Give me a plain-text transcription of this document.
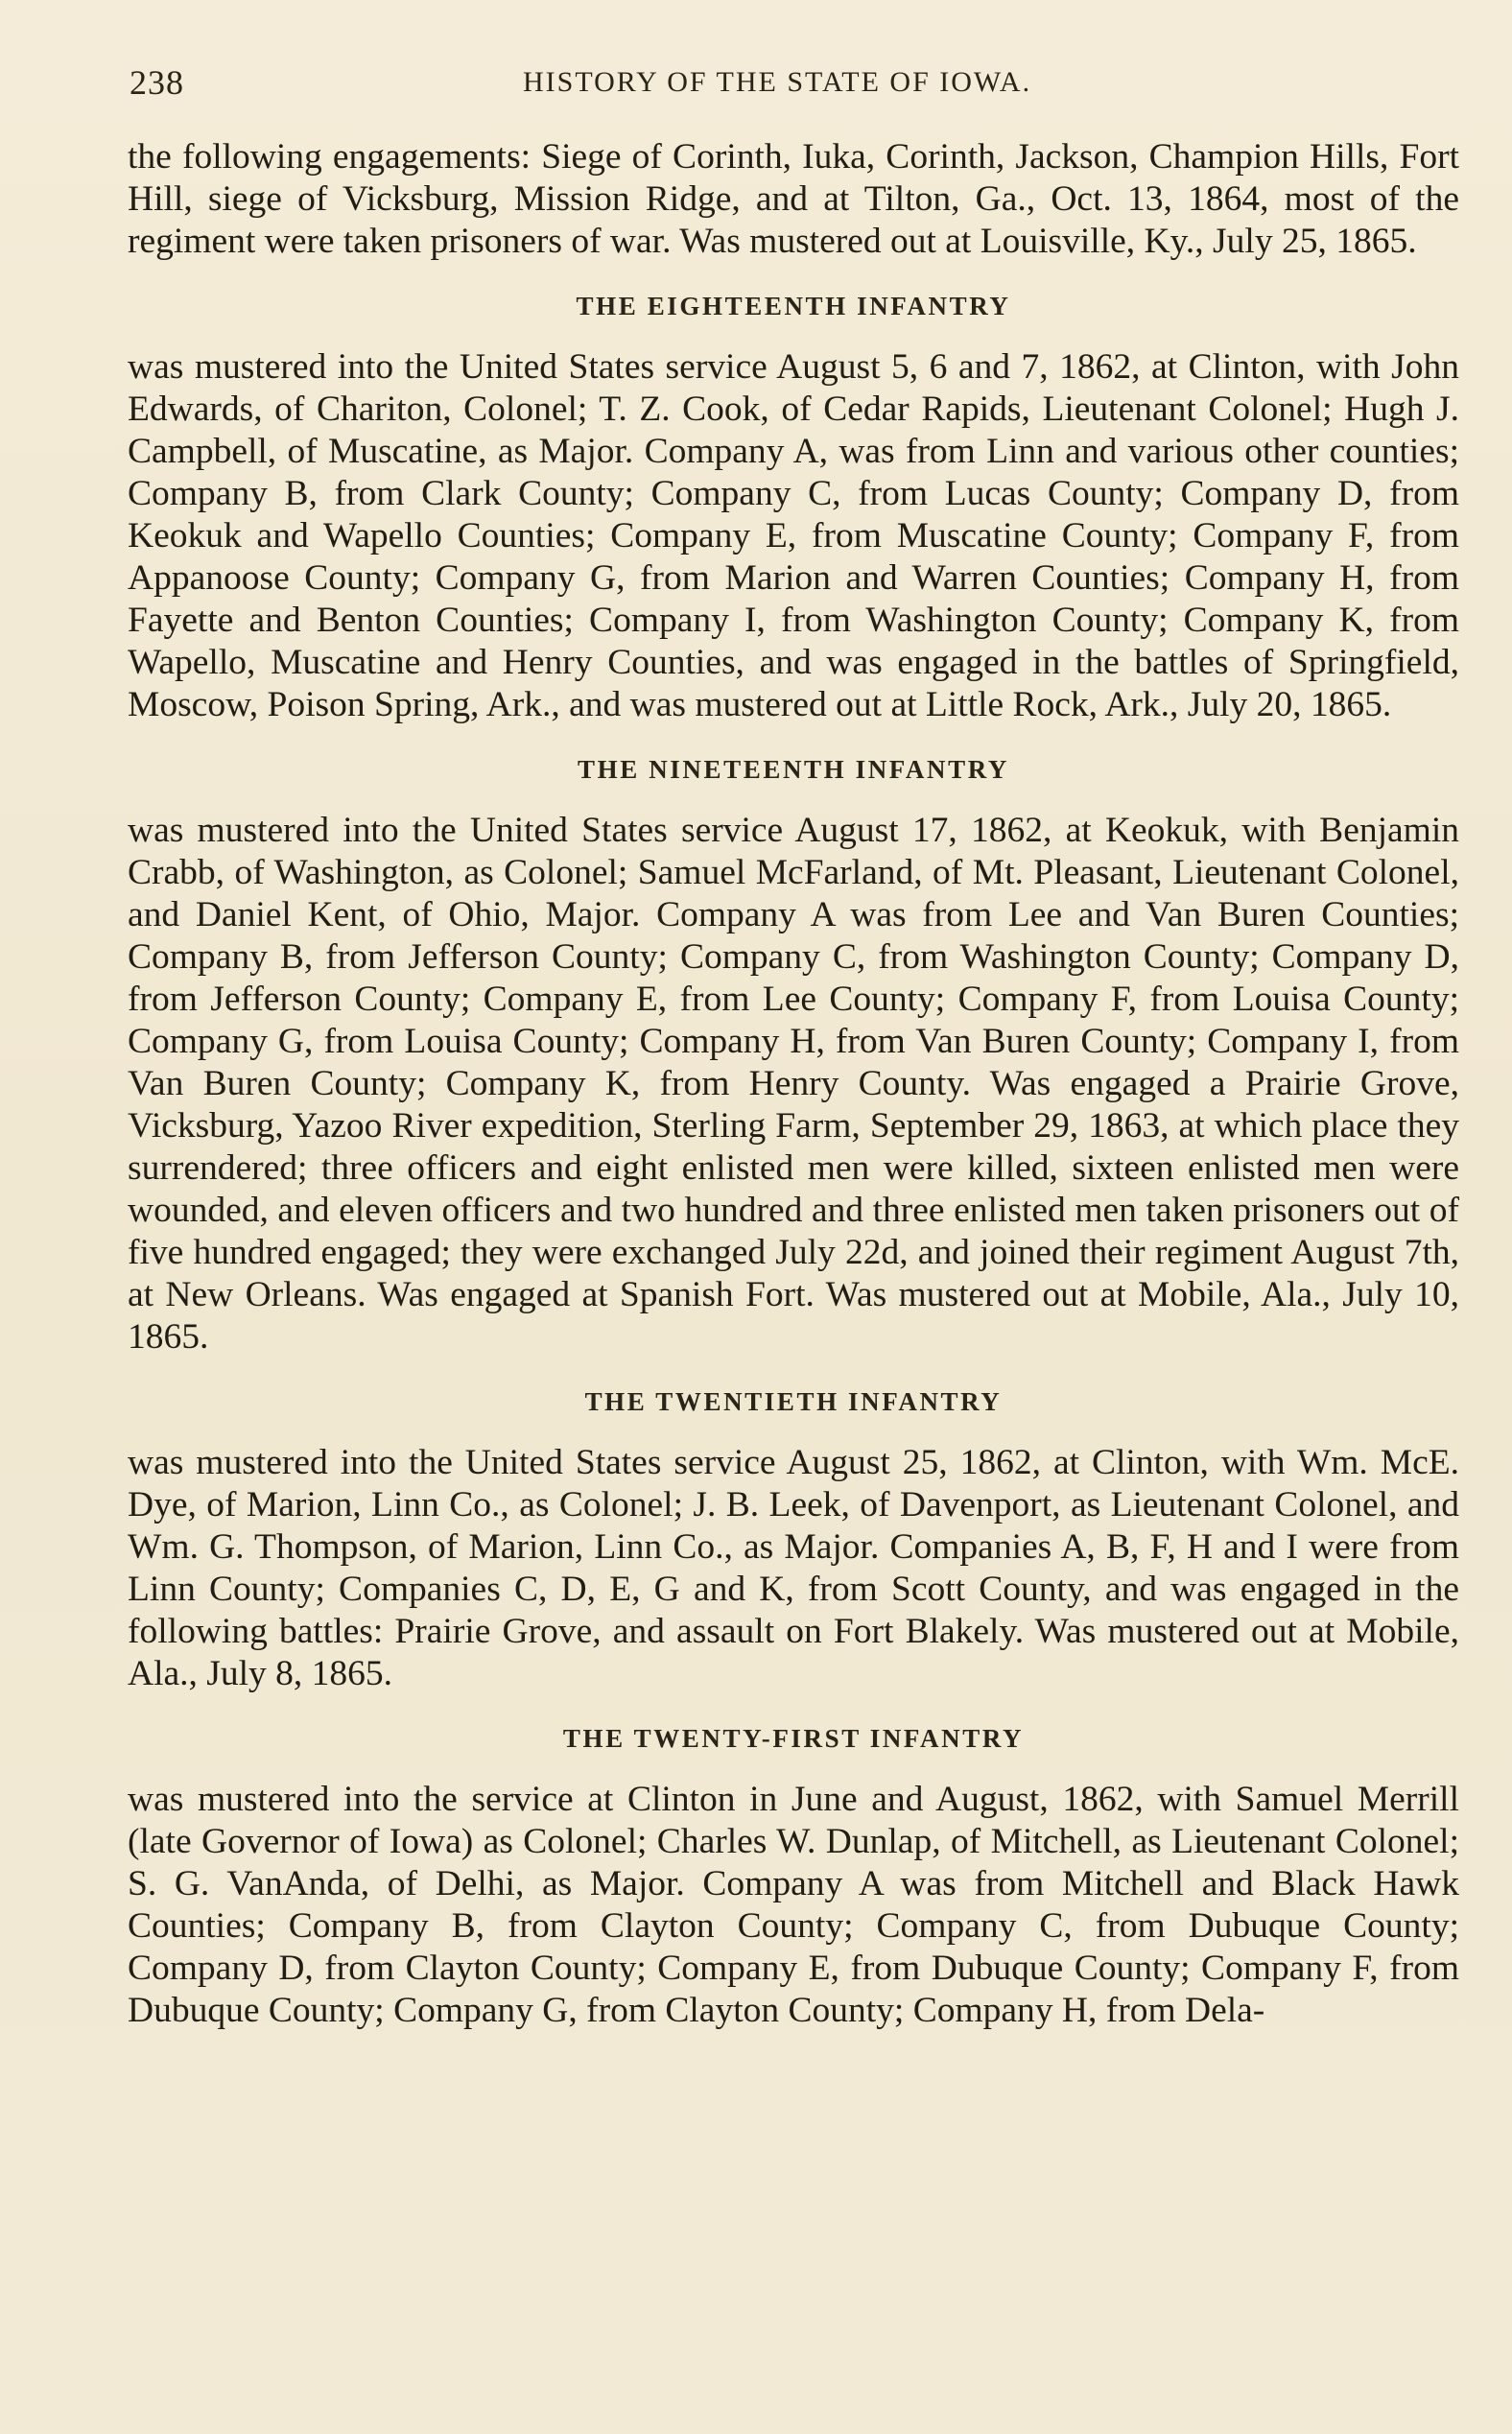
238	HISTORY OF THE STATE OF IOWA.

the following engagements: Siege of Corinth, Iuka, Corinth, Jackson, Champion Hills, Fort Hill, siege of Vicksburg, Mission Ridge, and at Tilton, Ga., Oct. 13, 1864, most of the regiment were taken prisoners of war. Was mustered out at Louisville, Ky., July 25, 1865.

THE EIGHTEENTH INFANTRY

was mustered into the United States service August 5, 6 and 7, 1862, at Clinton, with John Edwards, of Chariton, Colonel; T. Z. Cook, of Cedar Rapids, Lieutenant Colonel; Hugh J. Campbell, of Muscatine, as Major. Company A, was from Linn and various other counties; Company B, from Clark County; Company C, from Lucas County; Company D, from Keokuk and Wapello Counties; Company E, from Muscatine County; Company F, from Appanoose County; Company G, from Marion and Warren Counties; Company H, from Fayette and Benton Counties; Company I, from Washington County; Company K, from Wapello, Muscatine and Henry Counties, and was engaged in the battles of Springfield, Moscow, Poison Spring, Ark., and was mustered out at Little Rock, Ark., July 20, 1865.

THE NINETEENTH INFANTRY

was mustered into the United States service August 17, 1862, at Keokuk, with Benjamin Crabb, of Washington, as Colonel; Samuel McFarland, of Mt. Pleasant, Lieutenant Colonel, and Daniel Kent, of Ohio, Major. Company A was from Lee and Van Buren Counties; Company B, from Jefferson County; Company C, from Washington County; Company D, from Jefferson County; Company E, from Lee County; Company F, from Louisa County; Company G, from Louisa County; Company H, from Van Buren County; Company I, from Van Buren County; Company K, from Henry County. Was engaged a Prairie Grove, Vicksburg, Yazoo River expedition, Sterling Farm, September 29, 1863, at which place they surrendered; three officers and eight enlisted men were killed, sixteen enlisted men were wounded, and eleven officers and two hundred and three enlisted men taken prisoners out of five hundred engaged; they were exchanged July 22d, and joined their regiment August 7th, at New Orleans. Was engaged at Spanish Fort. Was mustered out at Mobile, Ala., July 10, 1865.

THE TWENTIETH INFANTRY

was mustered into the United States service August 25, 1862, at Clinton, with Wm. McE. Dye, of Marion, Linn Co., as Colonel; J. B. Leek, of Davenport, as Lieutenant Colonel, and Wm. G. Thompson, of Marion, Linn Co., as Major. Companies A, B, F, H and I were from Linn County; Companies C, D, E, G and K, from Scott County, and was engaged in the following battles: Prairie Grove, and assault on Fort Blakely. Was mustered out at Mobile, Ala., July 8, 1865.

THE TWENTY-FIRST INFANTRY

was mustered into the service at Clinton in June and August, 1862, with Samuel Merrill (late Governor of Iowa) as Colonel; Charles W. Dunlap, of Mitchell, as Lieutenant Colonel; S. G. VanAnda, of Delhi, as Major. Company A was from Mitchell and Black Hawk Counties; Company B, from Clayton County; Company C, from Dubuque County; Company D, from Clayton County; Company E, from Dubuque County; Company F, from Dubuque County; Company G, from Clayton County; Company H, from Dela-
